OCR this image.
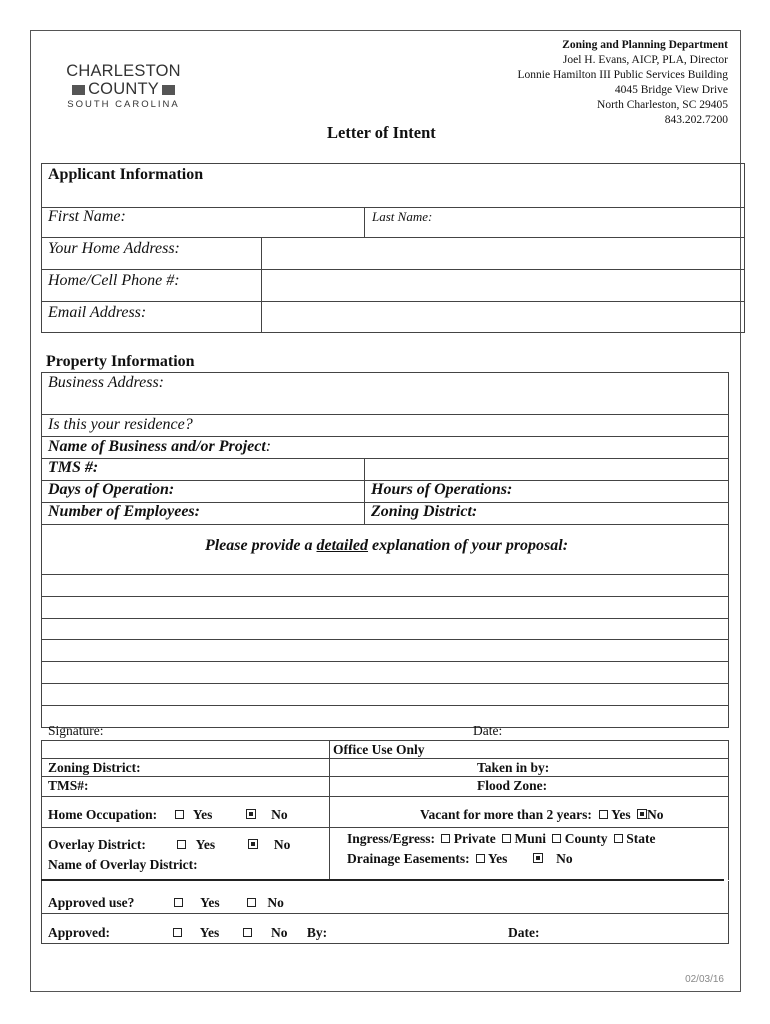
CHARLESTON
COUNTY
SOUTH CAROLINA
Zoning and Planning Department
Joel H. Evans, AICP, PLA, Director
Lonnie Hamilton III Public Services Building
4045 Bridge View Drive
North Charleston, SC 29405
843.202.7200
Letter of Intent
Applicant Information
First Name:	Last Name:
Your Home Address:
Home/Cell Phone #:
Email Address:
Property Information
Business Address:
Is this your residence?
Name of Business and/or Project:
TMS #:
Days of Operation:	Hours of Operations:
Number of Employees:	Zoning District:
Please provide a detailed explanation of your proposal:
Signature:	Date:
Office Use Only
Zoning District:	Taken in by:
TMS#:	Flood Zone:
Home Occupation:	Yes	No	Vacant for more than 2 years: Yes No
Overlay District:	Yes	No
Name of Overlay District:
Ingress/Egress: Private Muni County State
Drainage Easements: Yes	No
Approved use?	Yes	No
Approved:	Yes	No By:	Date:
02/03/16
